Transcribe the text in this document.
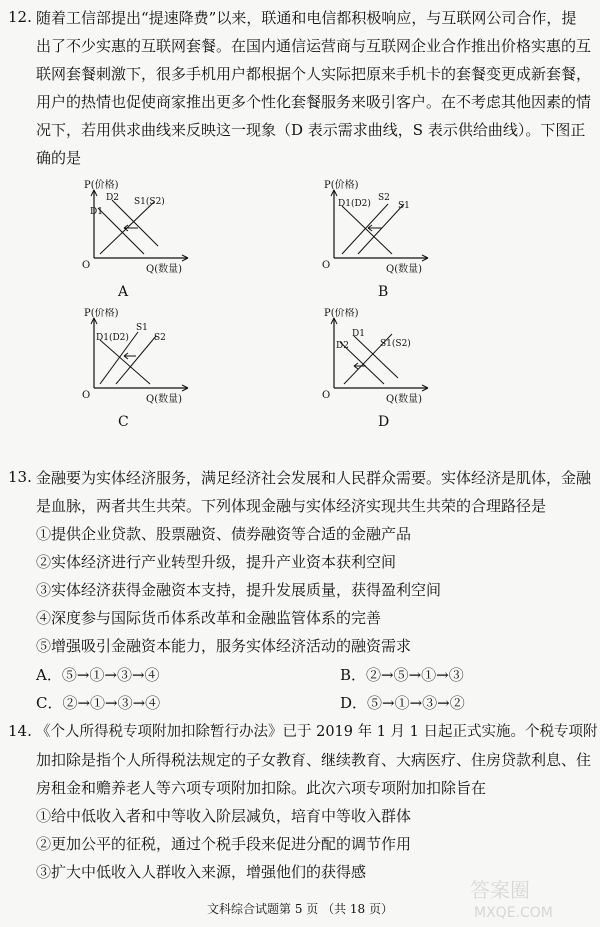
12. 随着工信部提出“提速降费”以来，联通和电信都积极响应，与互联网公司合作，提
出了不少实惠的互联网套餐。在国内通信运营商与互联网企业合作推出价格实惠的互
联网套餐刺激下，很多手机用户都根据个人实际把原来手机卡的套餐变更成新套餐，
用户的热情也促使商家推出更多个性化套餐服务来吸引客户。在不考虑其他因素的情
况下，若用供求曲线来反映这一现象（D 表示需求曲线，S 表示供给曲线）。下图正
确的是
P(价格)
Q(数量)
O
D2
D1
S1(S2)
A
P(价格)
Q(数量)
O
D1(D2)
S2
S1
B
P(价格)
Q(数量)
O
D1(D2)
S1
S2
C
P(价格)
Q(数量)
O
D2
D1
S1(S2)
D
13. 金融要为实体经济服务，满足经济社会发展和人民群众需要。实体经济是肌体，金融
是血脉，两者共生共荣。下列体现金融与实体经济实现共生共荣的合理路径是
①提供企业贷款、股票融资、债券融资等合适的金融产品
②实体经济进行产业转型升级，提升产业资本获利空间
③实体经济获得金融资本支持，提升发展质量，获得盈利空间
④深度参与国际货币体系改革和金融监管体系的完善
⑤增强吸引金融资本能力，服务实体经济活动的融资需求
A．⑤→①→③→④	B．②→⑤→①→③
C．②→①→③→④	D．⑤→①→③→②
14. 《个人所得税专项附加扣除暂行办法》已于 2019 年 1 月 1 日起正式实施。个税专项附
加扣除是指个人所得税法规定的子女教育、继续教育、大病医疗、住房贷款利息、住
房租金和赡养老人等六项专项附加扣除。此次六项专项附加扣除旨在
①给中低收入者和中等收入阶层减负，培育中等收入群体
②更加公平的征税，通过个税手段来促进分配的调节作用
③扩大中低收入人群收入来源，增强他们的获得感
文科综合试题第 5 页 （共 18 页）
答案圈
MXQE.COM
